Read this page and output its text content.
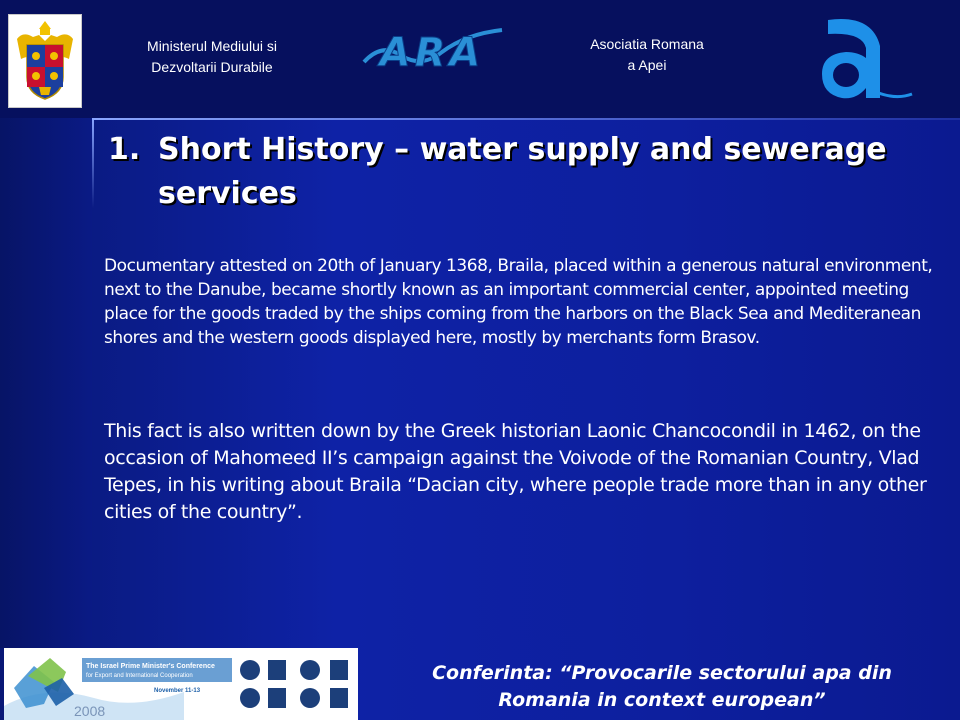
Ministerul Mediului si
Dezvoltarii Durabile	ARA	Asociatia Romana
a Apei
1. Short History – water supply and sewerage services

Documentary attested on 20th of January 1368, Braila, placed within a generous natural environment, next to the Danube, became shortly known as an important commercial center, appointed meeting place for the goods traded by the ships coming from the harbors on the Black Sea and Mediteranean shores and the western goods displayed here, mostly by merchants form Brasov.

This fact is also written down by the Greek historian Laonic Chancocondil in 1462, on the occasion of Mahomeed II’s campaign against the Voivode of the Romanian Country, Vlad Tepes, in his writing about Braila “Dacian city, where people trade more than in any other cities of the country”.

The Israel Prime Minister's Conference
for Export and International Cooperation
November 11-13
2008
Conferinta: “Provocarile sectorului apa din
Romania in context european”
